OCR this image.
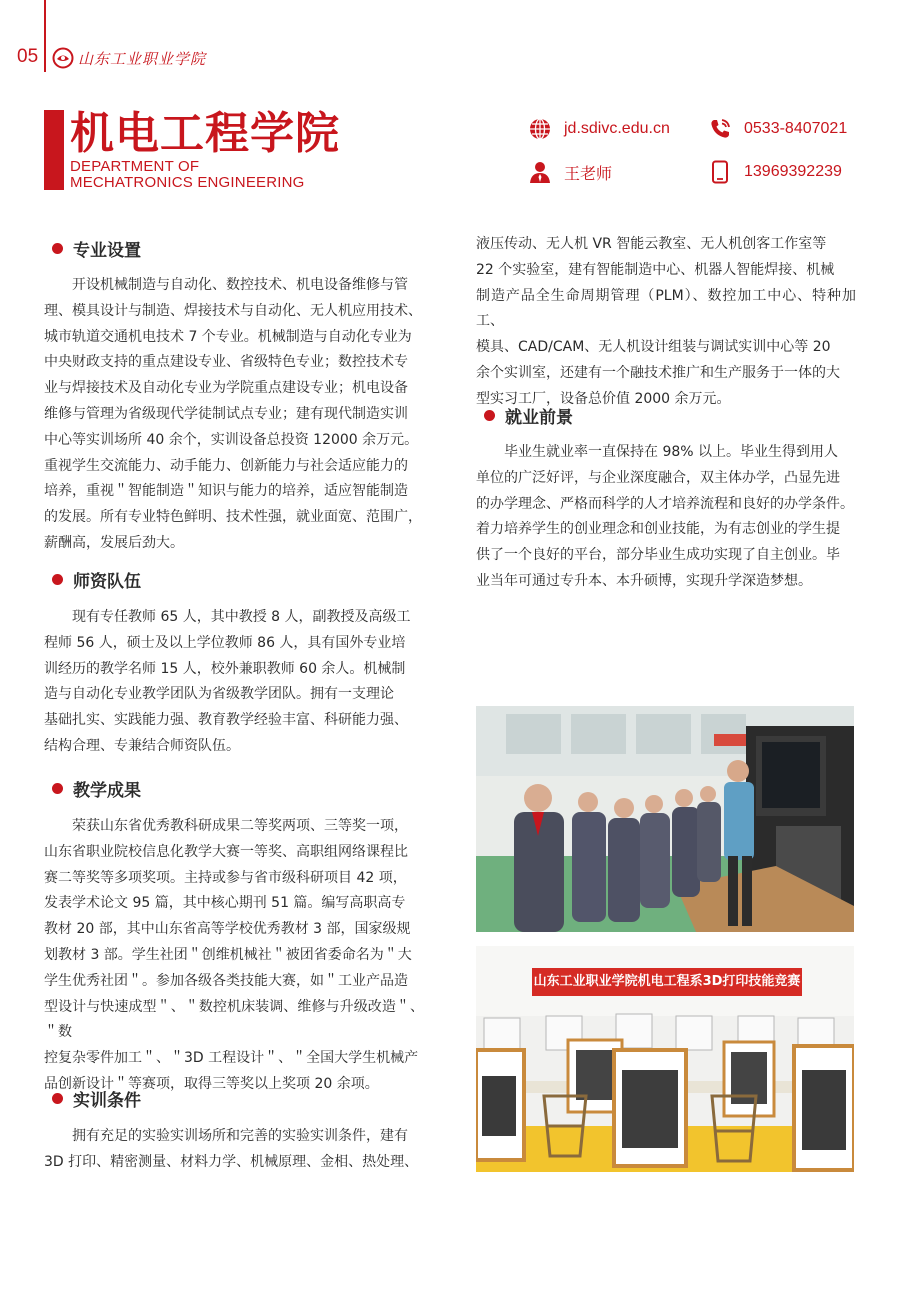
05	山东工业职业学院
机电工程学院
DEPARTMENT OF
MECHATRONICS ENGINEERING
jd.sdivc.edu.cn	0533-8407021
王老师	13969392239
专业设置
开设机械制造与自动化、数控技术、机电设备维修与管
理、模具设计与制造、焊接技术与自动化、无人机应用技术、
城市轨道交通机电技术 7 个专业。机械制造与自动化专业为
中央财政支持的重点建设专业、省级特色专业；数控技术专
业与焊接技术及自动化专业为学院重点建设专业；机电设备
维修与管理为省级现代学徒制试点专业；建有现代制造实训
中心等实训场所 40 余个，实训设备总投资 12000 余万元。
重视学生交流能力、动手能力、创新能力与社会适应能力的
培养，重视＂智能制造＂知识与能力的培养，适应智能制造
的发展。所有专业特色鲜明、技术性强，就业面宽、范围广，
薪酬高，发展后劲大。
师资队伍
现有专任教师 65 人，其中教授 8 人，副教授及高级工
程师 56 人，硕士及以上学位教师 86 人，具有国外专业培
训经历的教学名师 15 人，校外兼职教师 60 余人。机械制
造与自动化专业教学团队为省级教学团队。拥有一支理论
基础扎实、实践能力强、教育教学经验丰富、科研能力强、
结构合理、专兼结合师资队伍。
教学成果
荣获山东省优秀教科研成果二等奖两项、三等奖一项，
山东省职业院校信息化教学大赛一等奖、高职组网络课程比
赛二等奖等多项奖项。主持或参与省市级科研项目 42 项，
发表学术论文 95 篇，其中核心期刊 51 篇。编写高职高专
教材 20 部，其中山东省高等学校优秀教材 3 部，国家级规
划教材 3 部。学生社团＂创维机械社＂被团省委命名为＂大
学生优秀社团＂。参加各级各类技能大赛，如＂工业产品造
型设计与快速成型＂、＂数控机床装调、维修与升级改造＂、＂数
控复杂零件加工＂、＂3D 工程设计＂、＂全国大学生机械产
品创新设计＂等赛项，取得三等奖以上奖项 20 余项。
实训条件
拥有充足的实验实训场所和完善的实验实训条件，建有
3D 打印、精密测量、材料力学、机械原理、金相、热处理、
液压传动、无人机 VR 智能云教室、无人机创客工作室等
22 个实验室，建有智能制造中心、机器人智能焊接、机械
制造产品全生命周期管理（PLM）、数控加工中心、特种加工、
模具、CAD/CAM、无人机设计组装与调试实训中心等 20
余个实训室，还建有一个融技术推广和生产服务于一体的大
型实习工厂，设备总价值 2000 余万元。
就业前景
毕业生就业率一直保持在 98% 以上。毕业生得到用人
单位的广泛好评，与企业深度融合，双主体办学，凸显先进
的办学理念、严格而科学的人才培养流程和良好的办学条件。
着力培养学生的创业理念和创业技能，为有志创业的学生提
供了一个良好的平台，部分毕业生成功实现了自主创业。毕
业当年可通过专升本、本升硕博，实现升学深造梦想。
山东工业职业学院机电工程系3D打印技能竞赛
